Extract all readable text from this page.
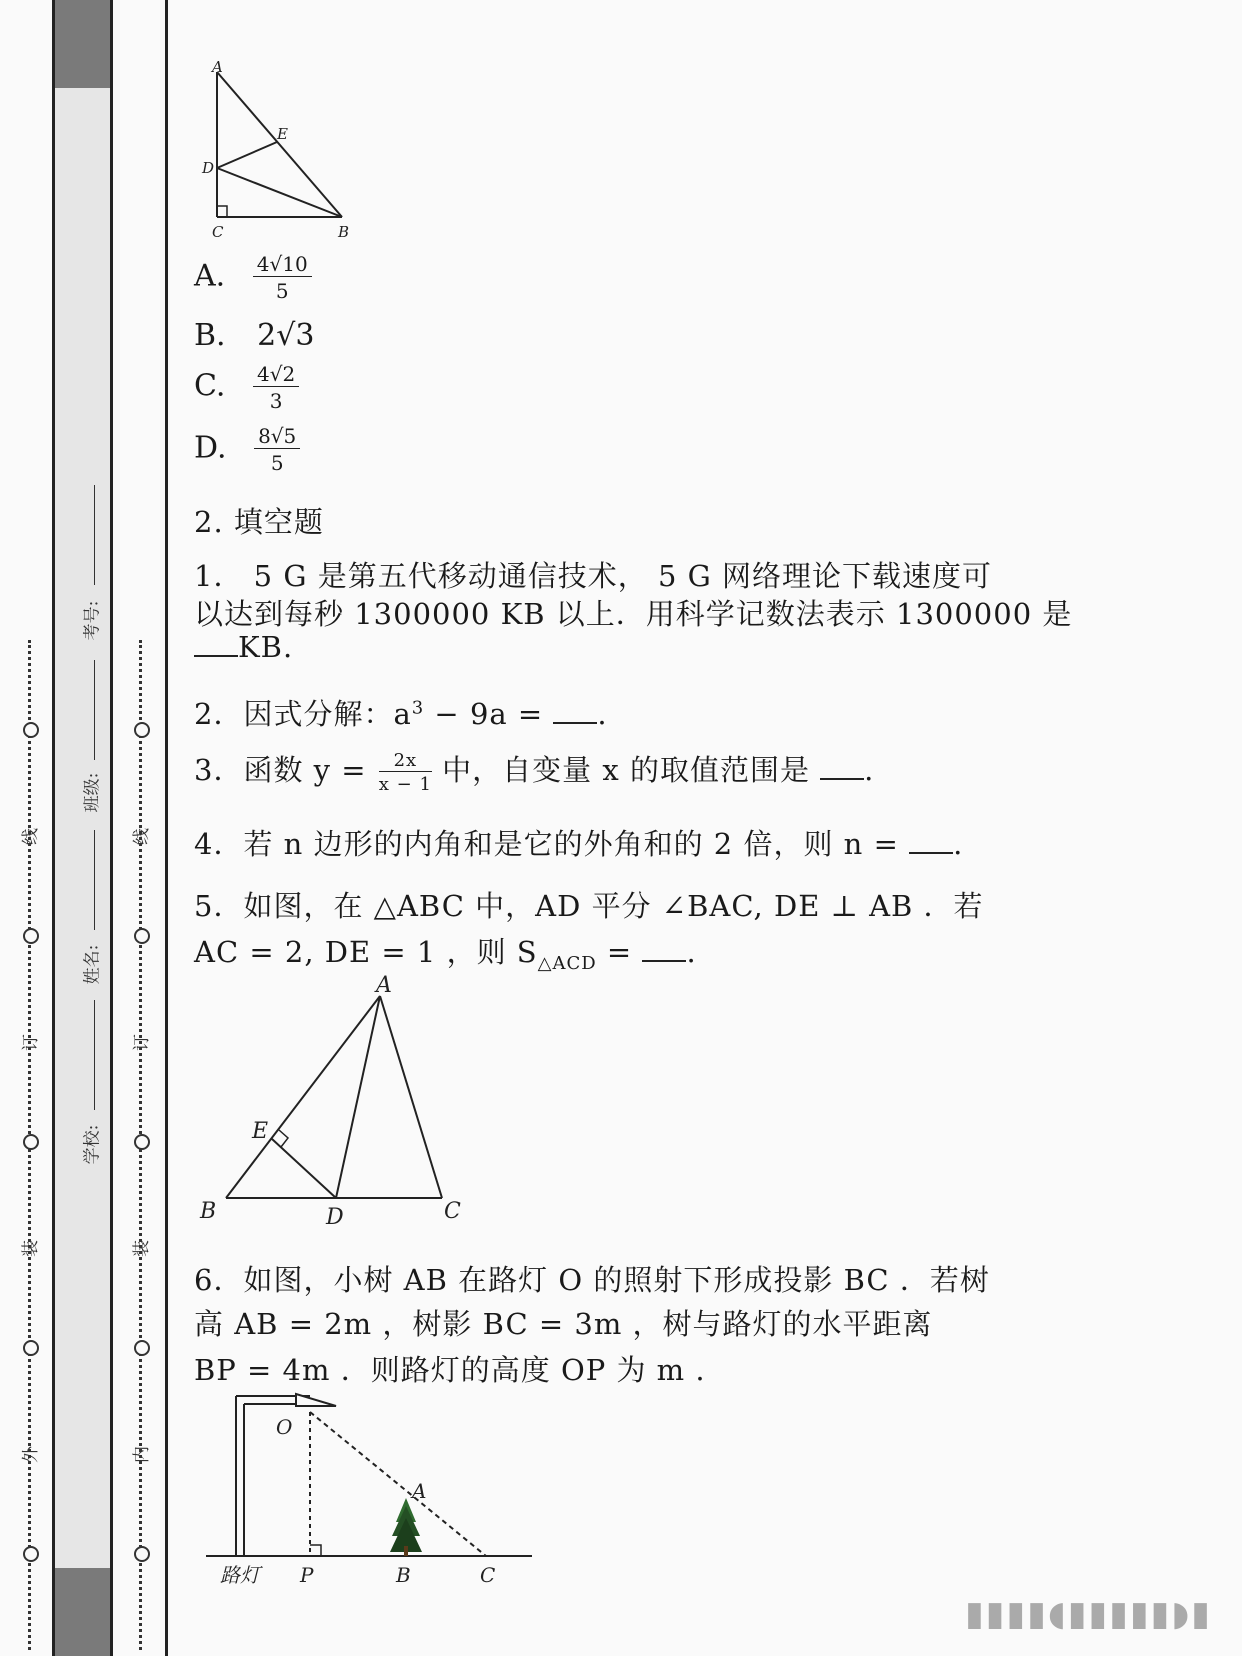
线
订
装
外
线
订
装
内
学校:
姓名:
班级:
考号:
A
E
D
C	B
A. $\frac{4√10}{5}$
B. 2√3
C. $\frac{4√2}{3}$
D. $\frac{8√5}{5}$
2. 填空题
1． 5 G 是第五代移动通信技术， 5 G 网络理论下载速度可
以达到每秒 1300000 KB 以上．用科学记数法表示 1300000 是
KB.
2．因式分解：$a^3 - 9a$ = .
3．函数 $y = \frac{2x}{x - 1}$ 中，自变量 x 的取值范围是 .
4．若 n 边形的内角和是它的外角和的 2 倍，则 n = .
5．如图，在 △ABC 中，AD 平分 ∠BAC, DE ⊥ AB ．若
AC = 2, DE = 1 ，则 $S_{\triangle ACD}$ = .
A
E
B	D	C
6．如图，小树 AB 在路灯 O 的照射下形成投影 BC ．若树
高 AB = 2m ，树影 BC = 3m ，树与路灯的水平距离
BP = 4m ．则路灯的高度 OP 为 m .
O
A
P	B	C
路灯
▮▮▮▮◖▮▮▮▮▮◗▮
